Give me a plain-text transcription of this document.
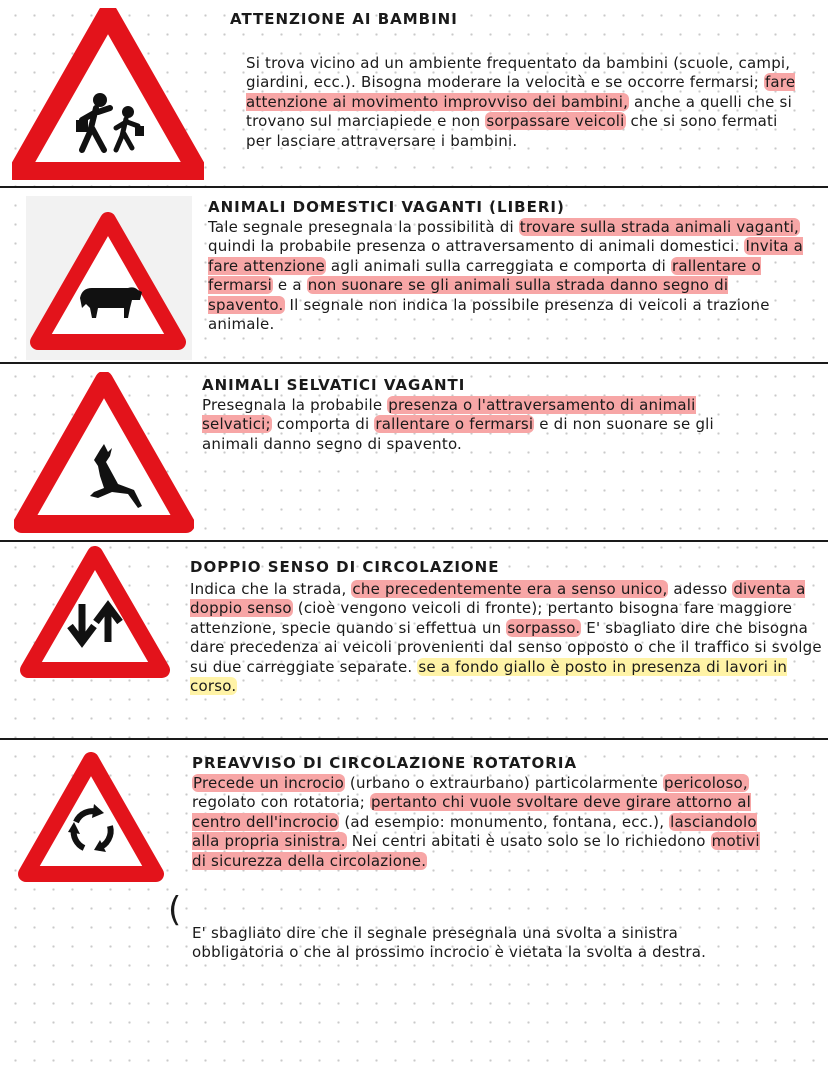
ATTENZIONE AI BAMBINI

Si trova vicino ad un ambiente frequentato da bambini (scuole, campi, giardini, ecc.). Bisogna moderare la velocità e se occorre fermarsi; fare attenzione ai movimento improvviso dei bambini, anche a quelli che si trovano sul marciapiede e non sorpassare veicoli che si sono fermati per lasciare attraversare i bambini.

ANIMALI DOMESTICI VAGANTI (LIBERI)

Tale segnale presegnala la possibilità di trovare sulla strada animali vaganti, quindi la probabile presenza o attraversamento di animali domestici. Invita a fare attenzione agli animali sulla carreggiata e comporta di rallentare o fermarsi e a non suonare se gli animali sulla strada danno segno di spavento. Il segnale non indica la possibile presenza di veicoli a trazione animale.

ANIMALI SELVATICI VAGANTI

Presegnala la probabile presenza o l'attraversamento di animali selvatici; comporta di rallentare o fermarsi e di non suonare se gli animali danno segno di spavento.

DOPPIO SENSO DI CIRCOLAZIONE

Indica che la strada, che precedentemente era a senso unico, adesso diventa a doppio senso (cioè vengono veicoli di fronte); pertanto bisogna fare maggiore attenzione, specie quando si effettua un sorpasso. E' sbagliato dire che bisogna dare precedenza ai veicoli provenienti dal senso opposto o che il traffico si svolge su due carreggiate separate. se a fondo giallo è posto in presenza di lavori in corso.

PREAVVISO DI CIRCOLAZIONE ROTATORIA

Precede un incrocio (urbano o extraurbano) particolarmente pericoloso, regolato con rotatoria; pertanto chi vuole svoltare deve girare attorno al centro dell'incrocio (ad esempio: monumento, fontana, ecc.), lasciandolo alla propria sinistra. Nei centri abitati è usato solo se lo richiedono motivi di sicurezza della circolazione.

(

E' sbagliato dire che il segnale presegnala una svolta a sinistra obbligatoria o che al prossimo incrocio è vietata la svolta a destra.
